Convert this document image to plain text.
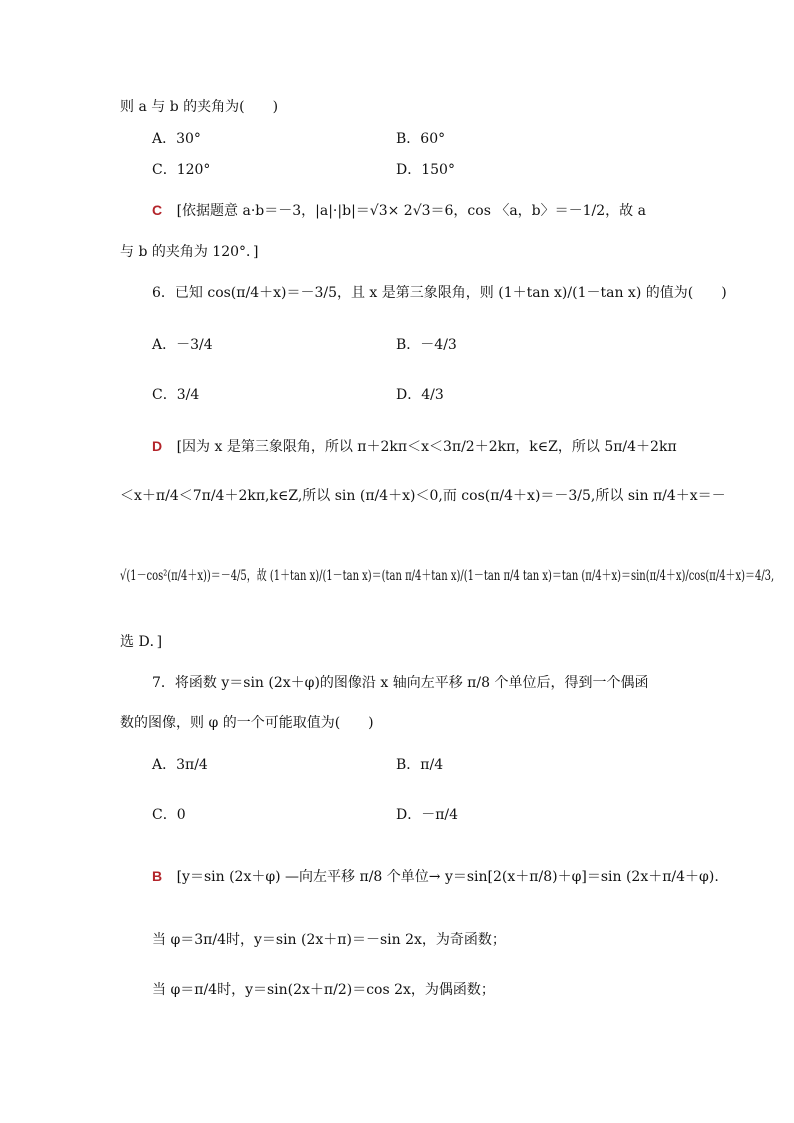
则 a 与 b 的夹角为(　　)
A．30°	B．60°
C．120°	D．150°
C [依据题意 a·b＝－3，|a|·|b|＝√3× 2√3＝6，cos 〈a，b〉＝－1/2，故 a
与 b 的夹角为 120°．]
6．已知 cos(π/4＋x)＝－3/5，且 x 是第三象限角，则 (1＋tan x)/(1－tan x) 的值为(　　)
A．－3/4	B．－4/3
C．3/4	D．4/3
D [因为 x 是第三象限角，所以 π＋2kπ＜x＜3π/2＋2kπ，k∈Z，所以 5π/4＋2kπ
＜x＋π/4＜7π/4＋2kπ,k∈Z,所以 sin (π/4＋x)＜0,而 cos(π/4＋x)＝－3/5,所以 sin π/4＋x＝－
√(1－cos²(π/4＋x))＝－4/5，故 (1＋tan x)/(1－tan x)＝(tan π/4＋tan x)/(1－tan π/4 tan x)＝tan (π/4＋x)＝sin(π/4＋x)/cos(π/4＋x)＝4/3,
选 D．]
7．将函数 y＝sin (2x＋φ)的图像沿 x 轴向左平移 π/8 个单位后，得到一个偶函
数的图像，则 φ 的一个可能取值为(　　)
A．3π/4	B．π/4
C．0	D．－π/4
B [y＝sin (2x＋φ) —向左平移 π/8 个单位→ y＝sin[2(x＋π/8)＋φ]＝sin (2x＋π/4＋φ).
当 φ＝3π/4时，y＝sin (2x＋π)＝－sin 2x，为奇函数；
当 φ＝π/4时，y＝sin(2x＋π/2)＝cos 2x，为偶函数；
